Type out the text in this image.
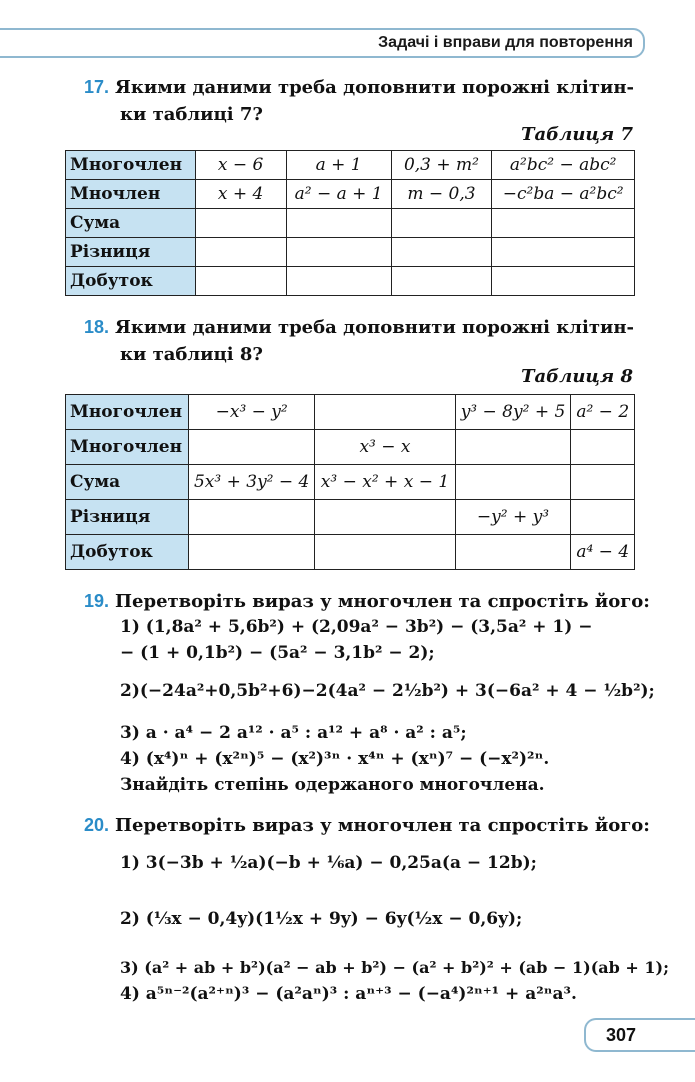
Задачі і вправи для повторення
17. Якими даними треба доповнити порожні клітин-
ки таблиці 7?
Таблиця 7
Многочлен	x − 6	a + 1	0,3 + m²	a²bc² − abc²
Мночлен	x + 4	a² − a + 1	m − 0,3	−c²ba − a²bc²
Сума				
Різниця				
Добуток				
18. Якими даними треба доповнити порожні клітин-
ки таблиці 8?
Таблиця 8
Многочлен	−x³ − y²		y³ − 8y² + 5	a² − 2
Многочлен		x³ − x		
Сума	5x³ + 3y² − 4	x³ − x² + x − 1		
Різниця			−y² + y³	
Добуток				a⁴ − 4
19. Перетворіть вираз у многочлен та спростіть його:
1) (1,8a² + 5,6b²) + (2,09a² − 3b²) − (3,5a² + 1) −
− (1 + 0,1b²) − (5a² − 3,1b² − 2);
2)(−24a²+0,5b²+6)−2(4a² − 2½b²) + 3(−6a² + 4 − ½b²);
3) a · a⁴ − 2 a¹² · a⁵ : a¹² + a⁸ · a² : a⁵;
4) (x⁴)ⁿ + (x²ⁿ)⁵ − (x²)³ⁿ · x⁴ⁿ + (xⁿ)⁷ − (−x²)²ⁿ.
Знайдіть степінь одержаного многочлена.
20. Перетворіть вираз у многочлен та спростіть його:
1) 3(−3b + ½a)(−b + ⅙a) − 0,25a(a − 12b);
2) (⅓x − 0,4y)(1½x + 9y) − 6y(½x − 0,6y);
3) (a² + ab + b²)(a² − ab + b²) − (a² + b²)² + (ab − 1)(ab + 1);
4) a⁵ⁿ⁻²(a²⁺ⁿ)³ − (a²aⁿ)³ : aⁿ⁺³ − (−a⁴)²ⁿ⁺¹ + a²ⁿa³.
307
